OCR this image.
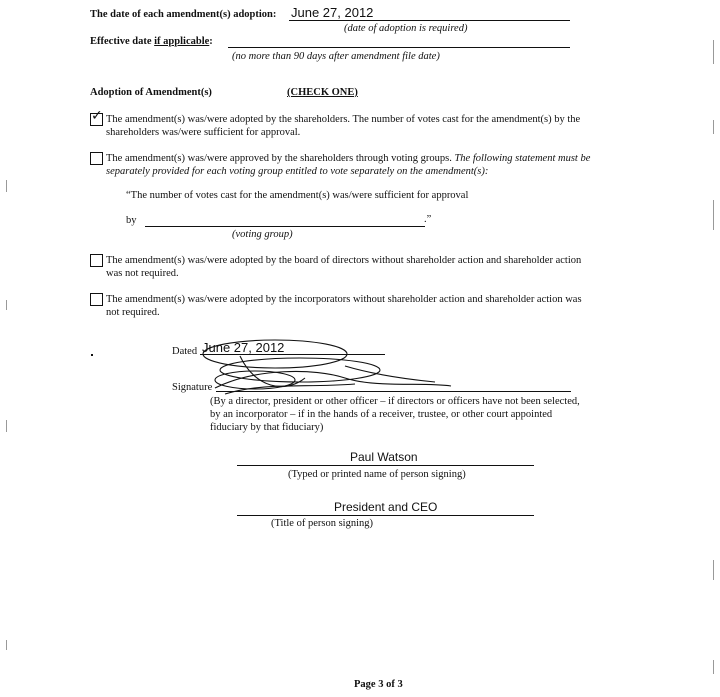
The date of each amendment(s) adoption: June 27, 2012
(date of adoption is required)
Effective date if applicable:
(no more than 90 days after amendment file date)
Adoption of Amendment(s)	(CHECK ONE)
✓ The amendment(s) was/were adopted by the shareholders. The number of votes cast for the amendment(s) by the shareholders was/were sufficient for approval.
The amendment(s) was/were approved by the shareholders through voting groups. The following statement must be separately provided for each voting group entitled to vote separately on the amendment(s):
“The number of votes cast for the amendment(s) was/were sufficient for approval
by	.”
(voting group)
The amendment(s) was/were adopted by the board of directors without shareholder action and shareholder action was not required.
The amendment(s) was/were adopted by the incorporators without shareholder action and shareholder action was not required.
Dated June 27, 2012
Signature
(By a director, president or other officer – if directors or officers have not been selected, by an incorporator – if in the hands of a receiver, trustee, or other court appointed fiduciary by that fiduciary)
Paul Watson
(Typed or printed name of person signing)
President and CEO
(Title of person signing)
Page 3 of 3
